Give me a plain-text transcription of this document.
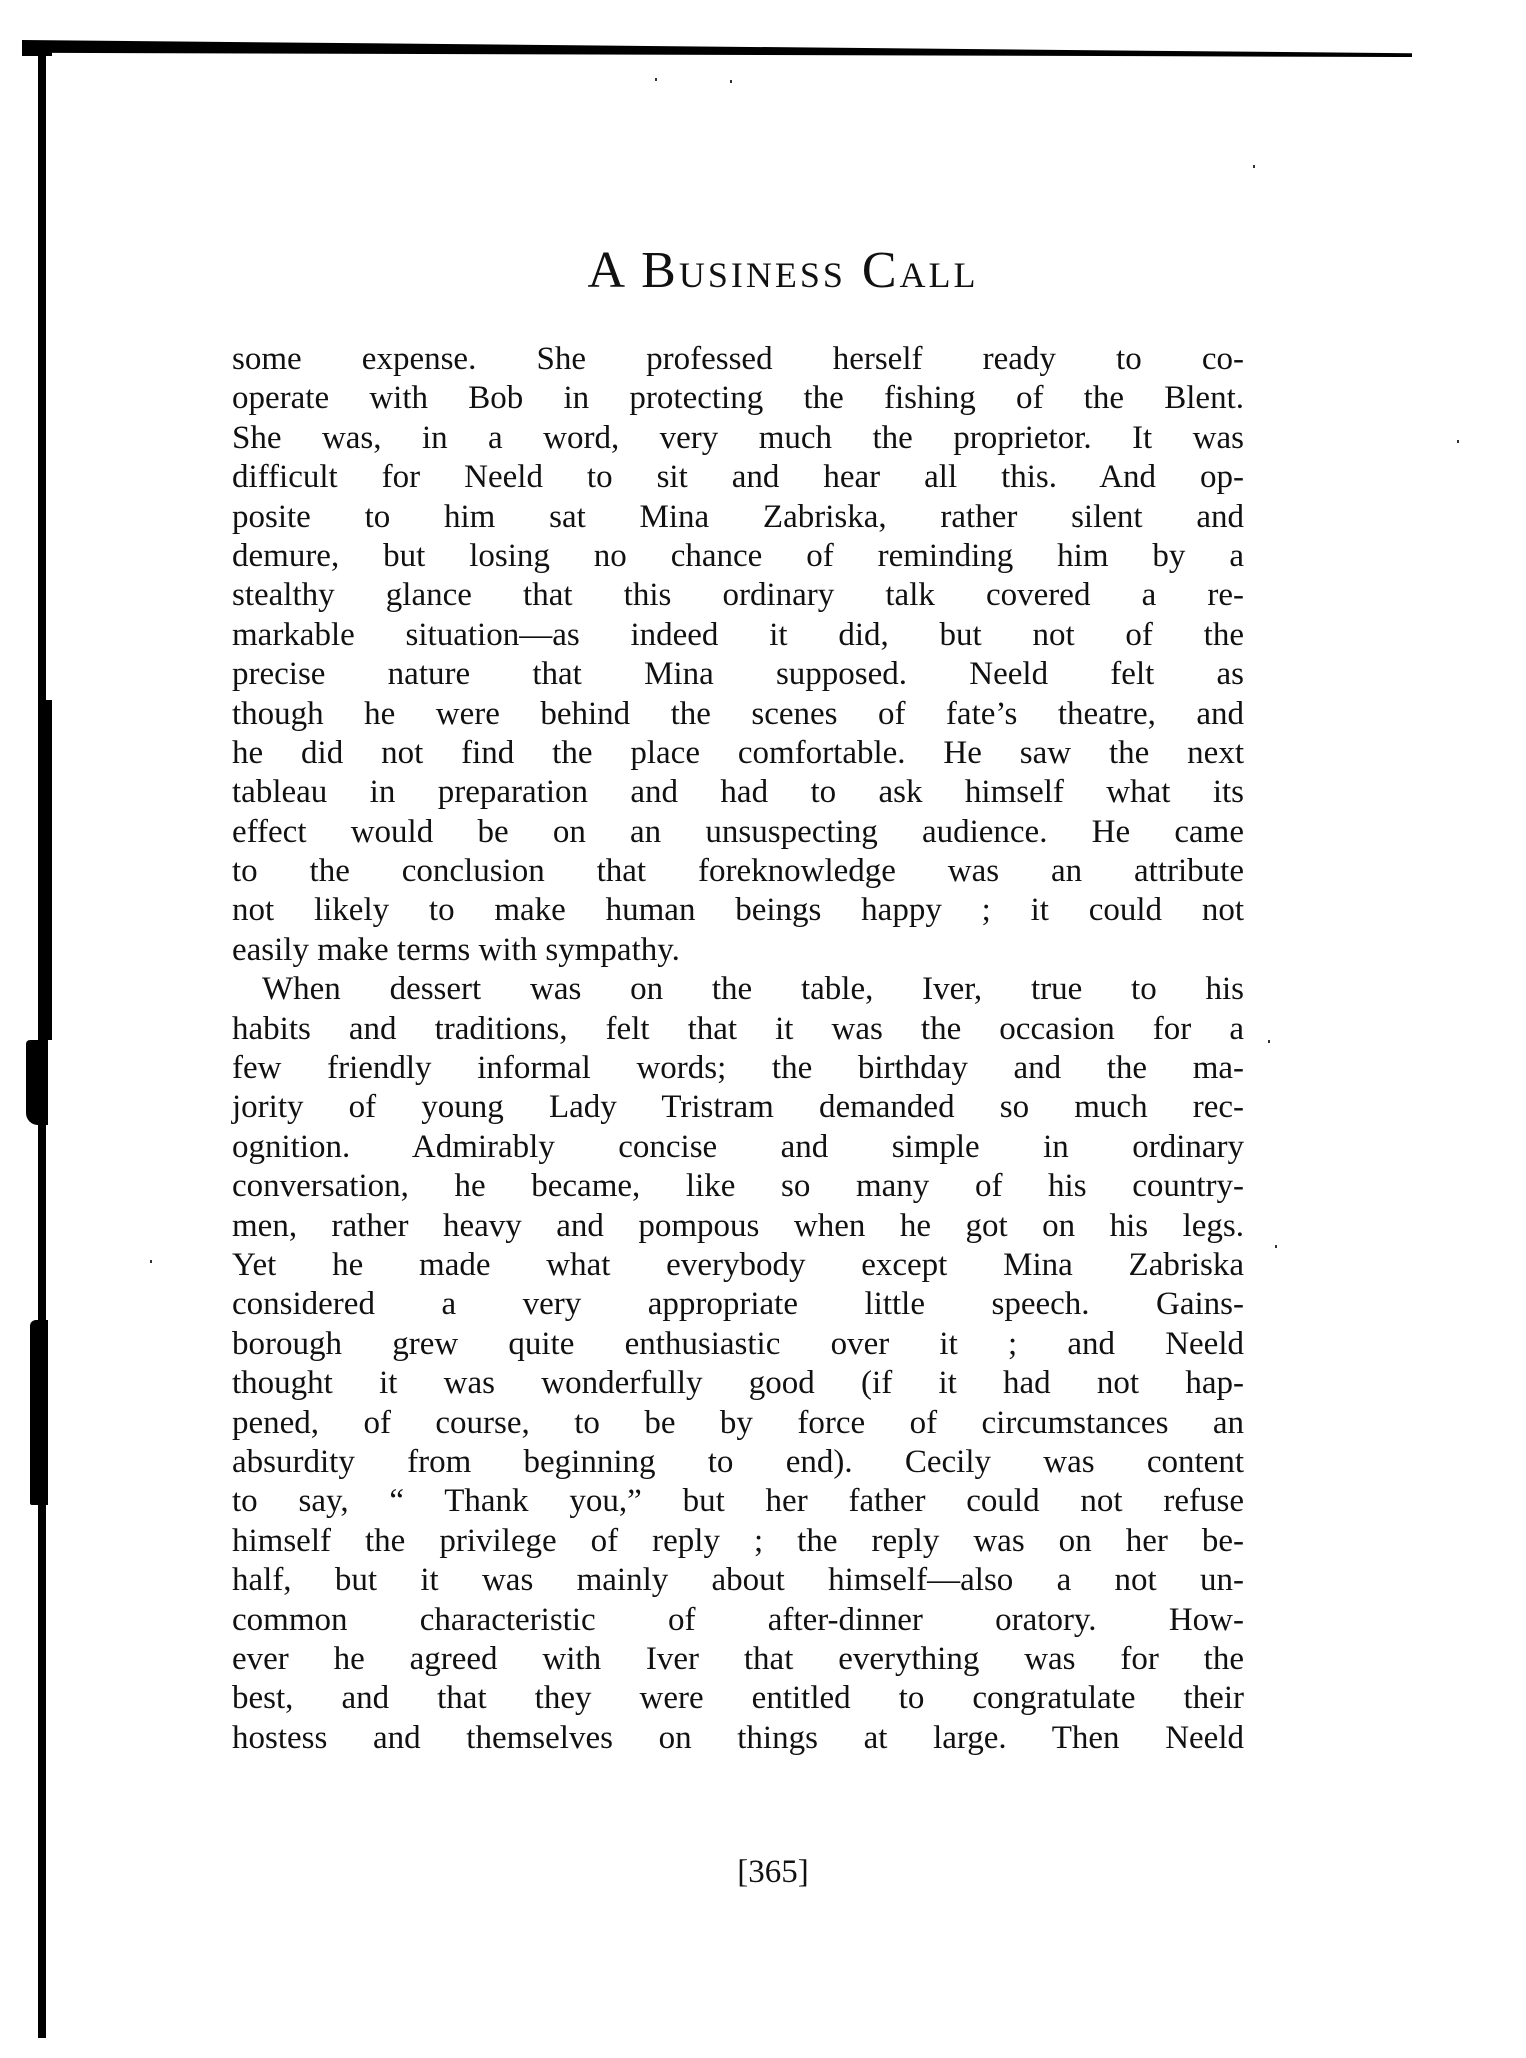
A Business Call
some expense. She professed herself ready to co-
operate with Bob in protecting the fishing of the Blent.
She was, in a word, very much the proprietor. It was
difficult for Neeld to sit and hear all this. And op-
posite to him sat Mina Zabriska, rather silent and
demure, but losing no chance of reminding him by a
stealthy glance that this ordinary talk covered a re-
markable situation—as indeed it did, but not of the
precise nature that Mina supposed. Neeld felt as
though he were behind the scenes of fate’s theatre, and
he did not find the place comfortable. He saw the next
tableau in preparation and had to ask himself what its
effect would be on an unsuspecting audience. He came
to the conclusion that foreknowledge was an attribute
not likely to make human beings happy ; it could not
easily make terms with sympathy.
When dessert was on the table, Iver, true to his
habits and traditions, felt that it was the occasion for a
few friendly informal words; the birthday and the ma-
jority of young Lady Tristram demanded so much rec-
ognition. Admirably concise and simple in ordinary
conversation, he became, like so many of his country-
men, rather heavy and pompous when he got on his legs.
Yet he made what everybody except Mina Zabriska
considered a very appropriate little speech. Gains-
borough grew quite enthusiastic over it ; and Neeld
thought it was wonderfully good (if it had not hap-
pened, of course, to be by force of circumstances an
absurdity from beginning to end). Cecily was content
to say, “ Thank you,” but her father could not refuse
himself the privilege of reply ; the reply was on her be-
half, but it was mainly about himself—also a not un-
common characteristic of after-dinner oratory. How-
ever he agreed with Iver that everything was for the
best, and that they were entitled to congratulate their
hostess and themselves on things at large. Then Neeld
[365]
